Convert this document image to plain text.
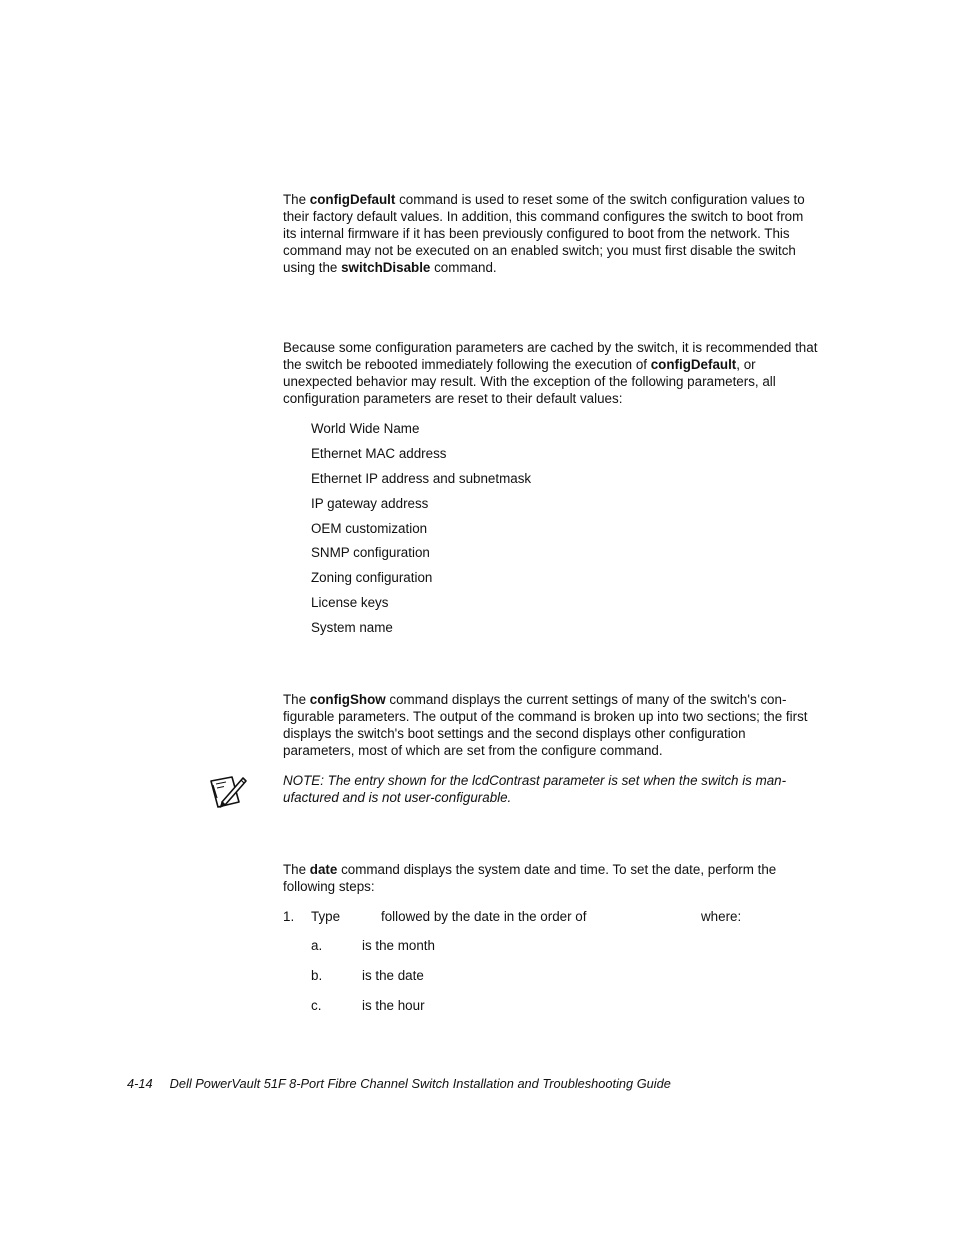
The configDefault command is used to reset some of the switch configuration values to their factory default values. In addition, this command configures the switch to boot from its internal firmware if it has been previously configured to boot from the network. This command may not be executed on an enabled switch; you must first disable the switch using the switchDisable command.
Because some configuration parameters are cached by the switch, it is recommended that the switch be rebooted immediately following the execution of configDefault, or unexpected behavior may result. With the exception of the following parameters, all configuration parameters are reset to their default values:
World Wide Name
Ethernet MAC address
Ethernet IP address and subnetmask
IP gateway address
OEM customization
SNMP configuration
Zoning configuration
License keys
System name
The configShow command displays the current settings of many of the switch's con-figurable parameters. The output of the command is broken up into two sections; the first displays the switch's boot settings and the second displays other configuration parameters, most of which are set from the configure command.
NOTE: The entry shown for the lcdContrast parameter is set when the switch is man-ufactured and is not user-configurable.
The date command displays the system date and time. To set the date, perform the following steps:
1. Type	followed by the date in the order of	where:
a.	is the month
b.	is the date
c.	is the hour
4-14 Dell PowerVault 51F 8-Port Fibre Channel Switch Installation and Troubleshooting Guide
